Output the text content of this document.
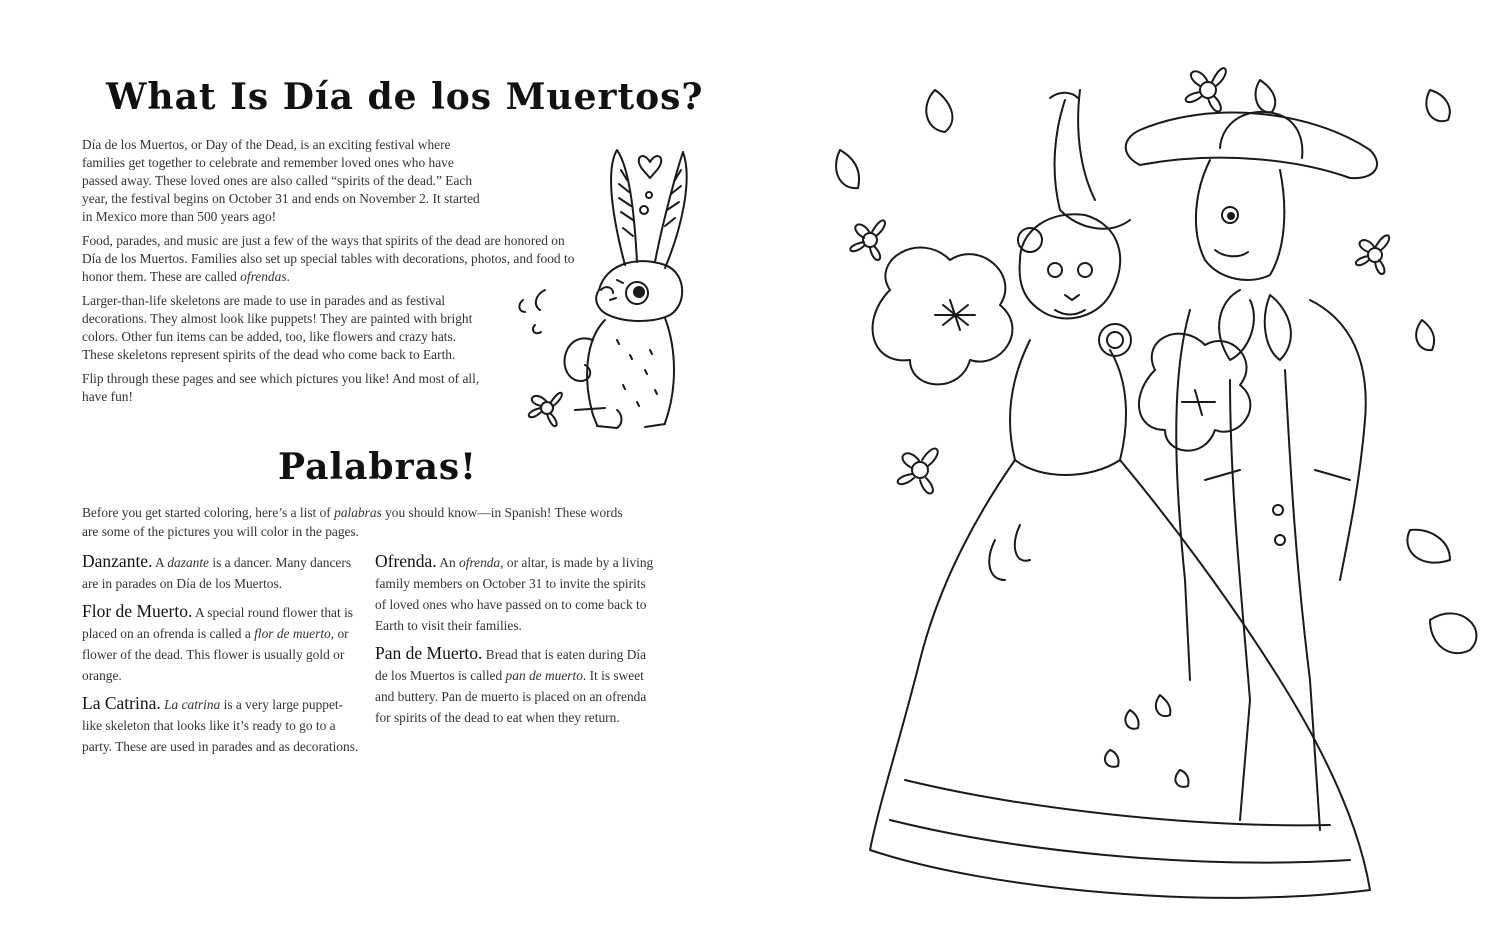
What Is Día de los Muertos?

Día de los Muertos, or Day of the Dead, is an exciting festival where families get together to celebrate and remember loved ones who have passed away. These loved ones are also called “spirits of the dead.” Each year, the festival begins on October 31 and ends on November 2. It started in Mexico more than 500 years ago!

Food, parades, and music are just a few of the ways that spirits of the dead are honored on Día de los Muertos. Families also set up special tables with decorations, photos, and food to honor them. These are called ofrendas.

Larger-than-life skeletons are made to use in parades and as festival decorations. They almost look like puppets! They are painted with bright colors. Other fun items can be added, too, like flowers and crazy hats. These skeletons represent spirits of the dead who come back to Earth.

Flip through these pages and see which pictures you like! And most of all, have fun!

Palabras!

Before you get started coloring, here’s a list of palabras you should know—in Spanish! These words are some of the pictures you will color in the pages.

Danzante. A dazante is a dancer. Many dancers are in parades on Día de los Muertos.

Flor de Muerto. A special round flower that is placed on an ofrenda is called a flor de muerto, or flower of the dead. This flower is usually gold or orange.

La Catrina. La catrina is a very large puppet-like skeleton that looks like it’s ready to go to a party. These are used in parades and as decorations.

Ofrenda. An ofrenda, or altar, is made by a living family members on October 31 to invite the spirits of loved ones who have passed on to come back to Earth to visit their families.

Pan de Muerto. Bread that is eaten during Día de los Muertos is called pan de muerto. It is sweet and buttery. Pan de muerto is placed on an ofrenda for spirits of the dead to eat when they return.
